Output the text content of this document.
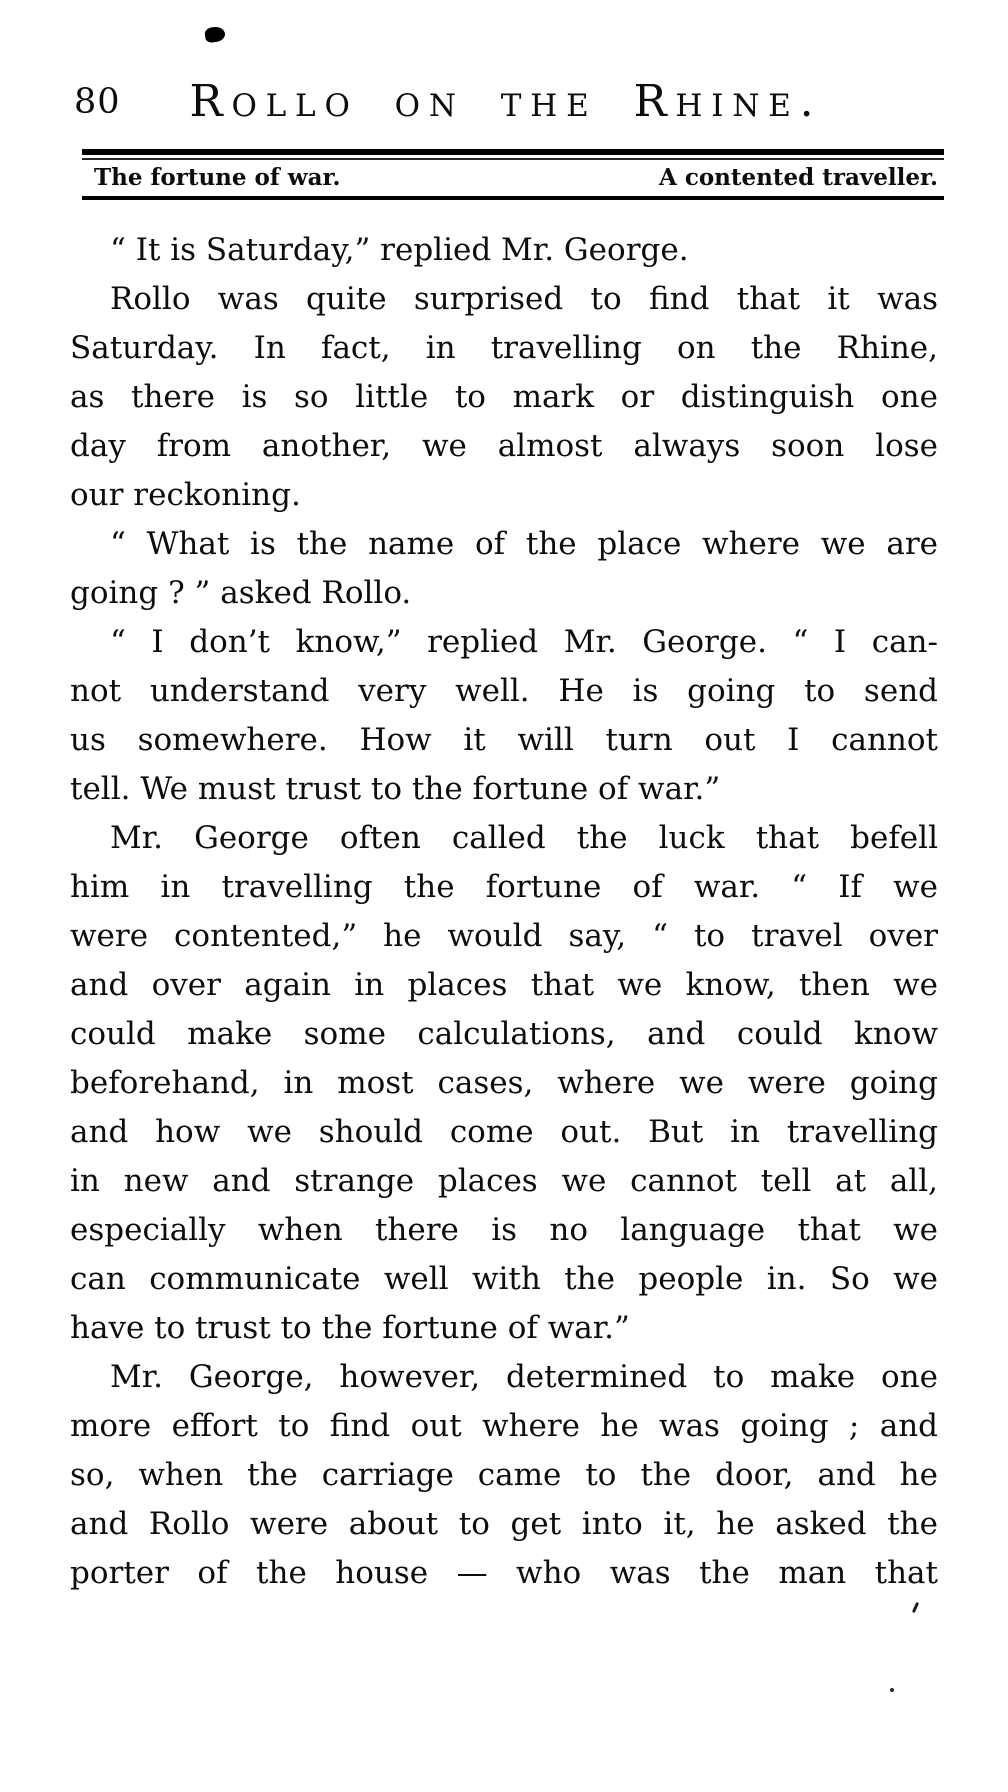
80	Rollo on the Rhine.
The fortune of war.	A contented traveller.
“ It is Saturday,” replied Mr. George.
Rollo was quite surprised to find that it was
Saturday. In fact, in travelling on the Rhine,
as there is so little to mark or distinguish one
day from another, we almost always soon lose
our reckoning.
“ What is the name of the place where we are
going ? ” asked Rollo.
“ I don’t know,” replied Mr. George. “ I can-
not understand very well. He is going to send
us somewhere. How it will turn out I cannot
tell. We must trust to the fortune of war.”
Mr. George often called the luck that befell
him in travelling the fortune of war. “ If we
were contented,” he would say, “ to travel over
and over again in places that we know, then we
could make some calculations, and could know
beforehand, in most cases, where we were going
and how we should come out. But in travelling
in new and strange places we cannot tell at all,
especially when there is no language that we
can communicate well with the people in. So we
have to trust to the fortune of war.”
Mr. George, however, determined to make one
more effort to find out where he was going ; and
so, when the carriage came to the door, and he
and Rollo were about to get into it, he asked the
porter of the house — who was the man that
